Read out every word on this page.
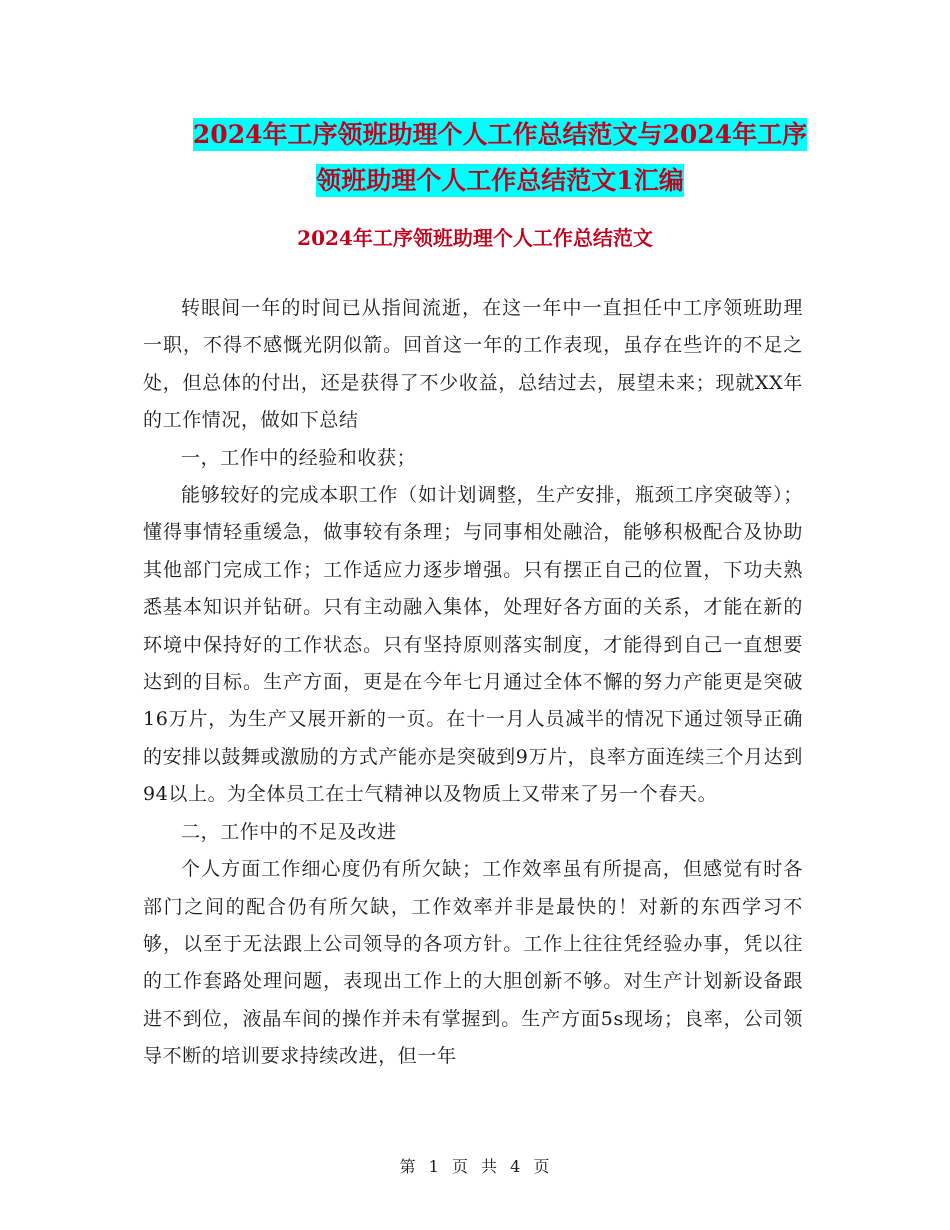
2024年工序领班助理个人工作总结范文与2024年工序
领班助理个人工作总结范文1汇编
2024年工序领班助理个人工作总结范文

转眼间一年的时间已从指间流逝，在这一年中一直担任中工序领班助理一职，不得不感慨光阴似箭。回首这一年的工作表现，虽存在些许的不足之处，但总体的付出，还是获得了不少收益，总结过去，展望未来；现就XX年的工作情况，做如下总结

一，工作中的经验和收获；

能够较好的完成本职工作（如计划调整，生产安排，瓶颈工序突破等）；懂得事情轻重缓急，做事较有条理；与同事相处融洽，能够积极配合及协助其他部门完成工作；工作适应力逐步增强。只有摆正自己的位置，下功夫熟悉基本知识并钻研。只有主动融入集体，处理好各方面的关系，才能在新的环境中保持好的工作状态。只有坚持原则落实制度，才能得到自己一直想要达到的目标。生产方面，更是在今年七月通过全体不懈的努力产能更是突破16万片，为生产又展开新的一页。在十一月人员减半的情况下通过领导正确的安排以鼓舞或激励的方式产能亦是突破到9万片，良率方面连续三个月达到94以上。为全体员工在士气精神以及物质上又带来了另一个春天。

二，工作中的不足及改进

个人方面工作细心度仍有所欠缺；工作效率虽有所提高，但感觉有时各部门之间的配合仍有所欠缺，工作效率并非是最快的！对新的东西学习不够，以至于无法跟上公司领导的各项方针。工作上往往凭经验办事，凭以往的工作套路处理问题，表现出工作上的大胆创新不够。对生产计划新设备跟进不到位，液晶车间的操作并未有掌握到。生产方面5s现场；良率，公司领导不断的培训要求持续改进，但一年

第 1 页 共 4 页
